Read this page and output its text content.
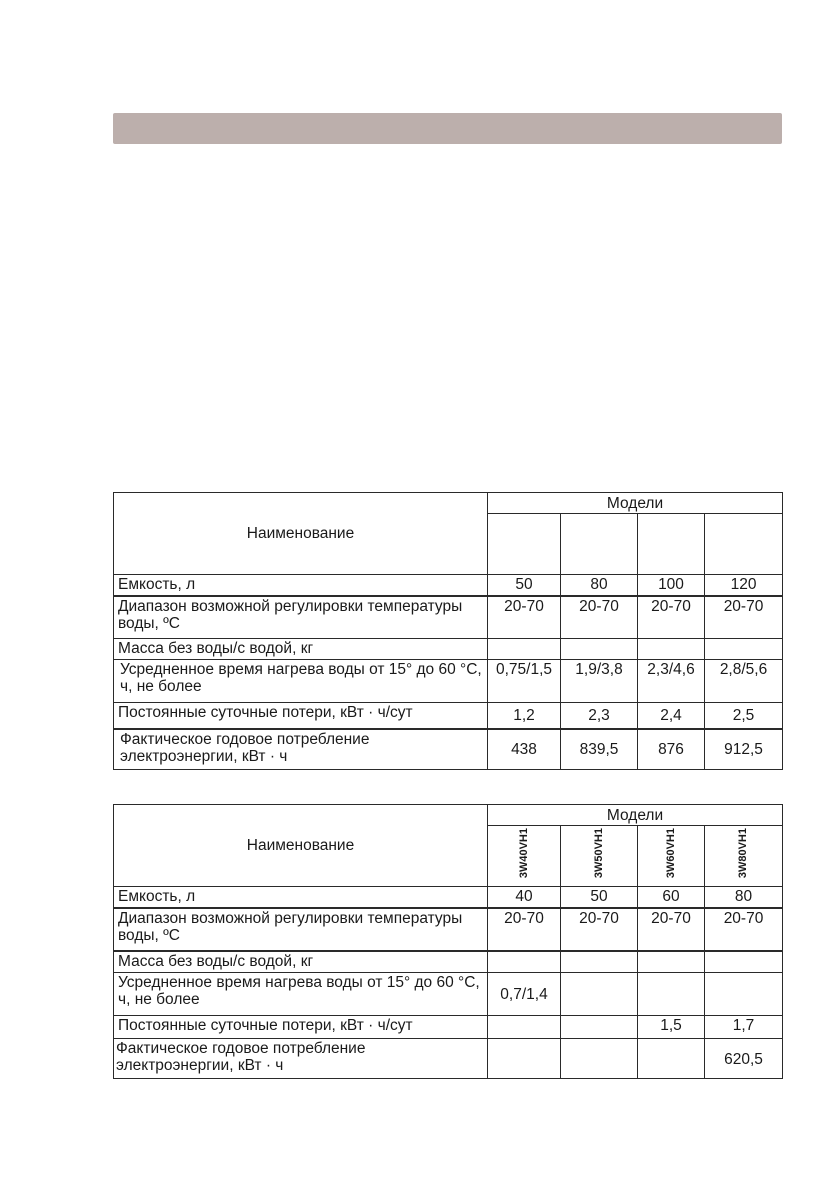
Наименование	Модели			

Емкость, л	50	80	100	120
Диапазон возможной регулировки температуры воды, ºС	20-70	20-70	20-70	20-70
Масса без воды/с водой, кг				
Усредненное время нагрева воды от 15° до 60 °С, ч, не более	0,75/1,5	1,9/3,8	2,3/4,6	2,8/5,6
Постоянные суточные потери, кВт · ч/сут	1,2	2,3	2,4	2,5
Фактическое годовое потребление электроэнергии, кВт · ч	438	839,5	876	912,5
Наименование	Модели			
	3W40VH1	3W50VH1	3W60VH1	3W80VH1
Емкость, л	40	50	60	80
Диапазон возможной регулировки температуры воды, ºС	20-70	20-70	20-70	20-70
Масса без воды/с водой, кг				
Усредненное время нагрева воды от 15° до 60 °С, ч, не более	0,7/1,4			
Постоянные суточные потери, кВт · ч/сут			1,5	1,7
Фактическое годовое потребление электроэнергии, кВт · ч				620,5
